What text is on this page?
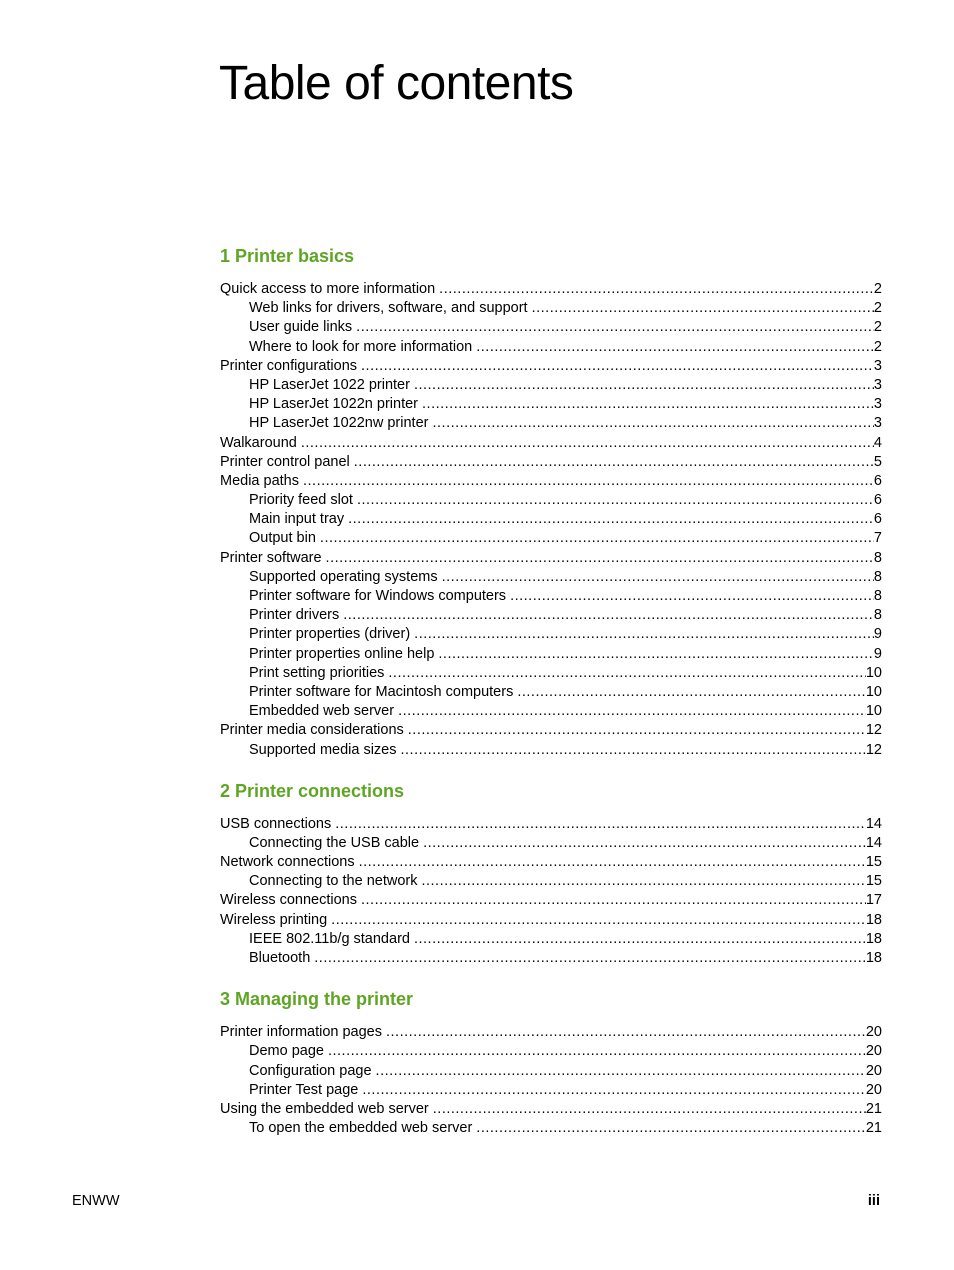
Table of contents
1 Printer basics
Quick access to more information .....	2
Web links for drivers, software, and support .....	2
User guide links .....	2
Where to look for more information .....	2
Printer configurations .....	3
HP LaserJet 1022 printer .....	3
HP LaserJet 1022n printer .....	3
HP LaserJet 1022nw printer .....	3
Walkaround .....	4
Printer control panel .....	5
Media paths .....	6
Priority feed slot .....	6
Main input tray .....	6
Output bin .....	7
Printer software .....	8
Supported operating systems .....	8
Printer software for Windows computers .....	8
Printer drivers .....	8
Printer properties (driver) .....	9
Printer properties online help .....	9
Print setting priorities .....	10
Printer software for Macintosh computers .....	10
Embedded web server .....	10
Printer media considerations .....	12
Supported media sizes .....	12
2 Printer connections
USB connections .....	14
Connecting the USB cable .....	14
Network connections .....	15
Connecting to the network .....	15
Wireless connections .....	17
Wireless printing .....	18
IEEE 802.11b/g standard .....	18
Bluetooth .....	18
3 Managing the printer
Printer information pages .....	20
Demo page .....	20
Configuration page .....	20
Printer Test page .....	20
Using the embedded web server .....	21
To open the embedded web server .....	21
ENWW	iii
